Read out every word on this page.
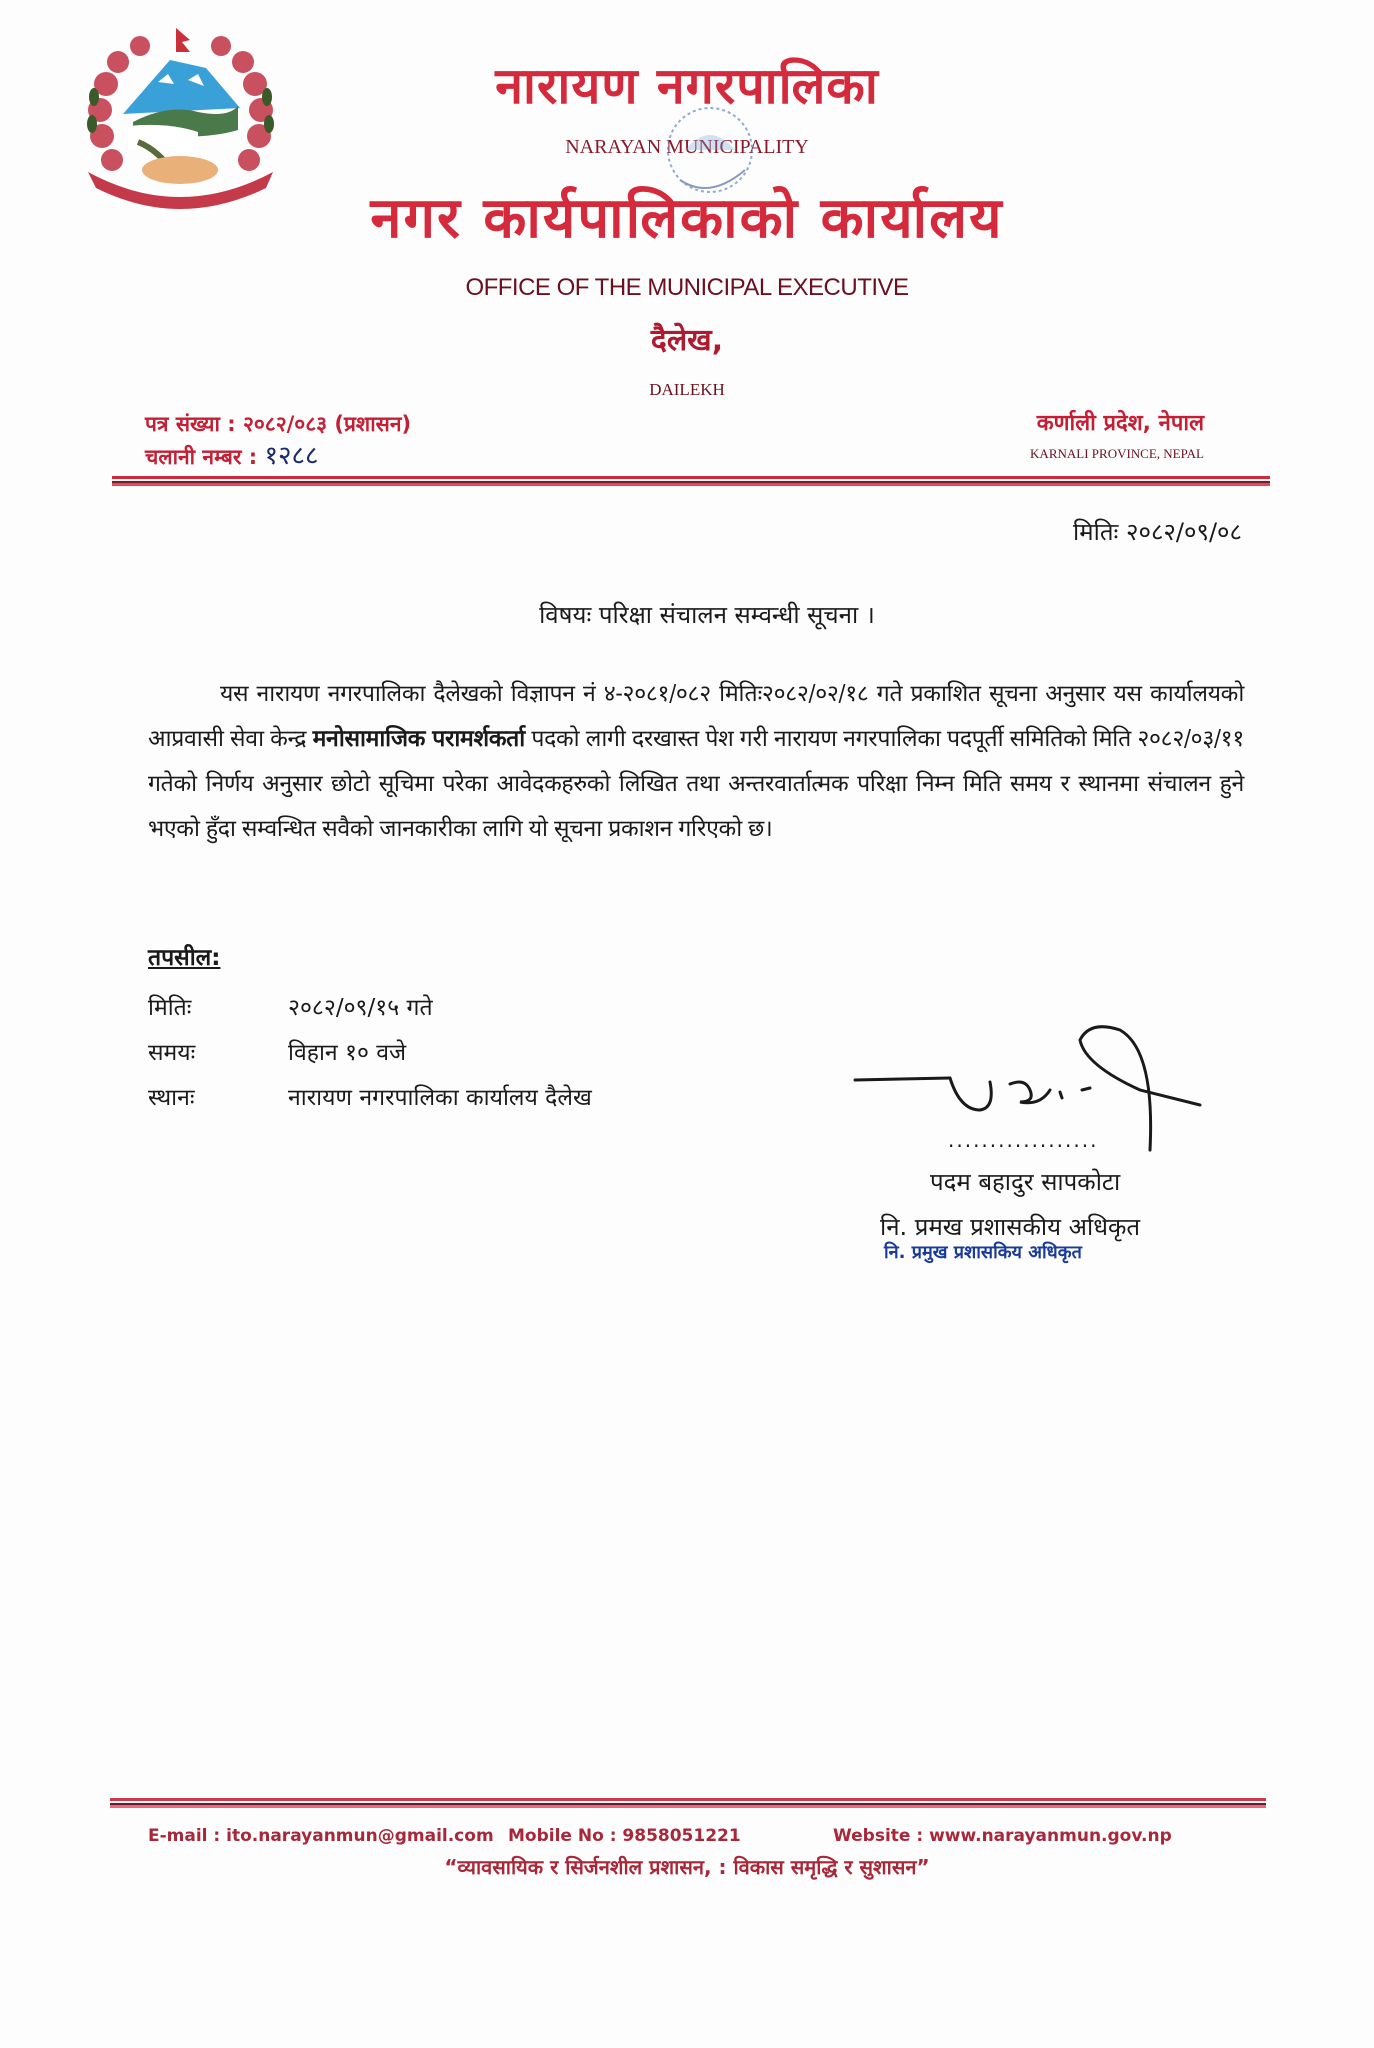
नारायण नगरपालिका
NARAYAN MUNICIPALITY
नगर कार्यपालिकाको कार्यालय
OFFICE OF THE MUNICIPAL EXECUTIVE
दैलेख,
DAILEKH
पत्र संख्या : २०८२/०८३ (प्रशासन)
चलानी नम्बर : १२८८
कर्णाली प्रदेश, नेपाल
KARNALI PROVINCE, NEPAL
मितिः २०८२/०९/०८
विषयः परिक्षा संचालन सम्वन्धी सूचना ।
यस नारायण नगरपालिका दैलेखको विज्ञापन नं ४-२०८१/०८२ मितिः२०८२/०२/१८ गते प्रकाशित सूचना अनुसार यस कार्यालयको आप्रवासी सेवा केन्द्र मनोसामाजिक परामर्शकर्ता पदको लागी दरखास्त पेश गरी नारायण नगरपालिका पदपूर्ती समितिको मिति २०८२/०३/११ गतेको निर्णय अनुसार छोटो सूचिमा परेका आवेदकहरुको लिखित तथा अन्तरवार्तात्मक परिक्षा निम्न मिति समय र स्थानमा संचालन हुने भएको हुँदा सम्वन्धित सवैको जानकारीका लागि यो सूचना प्रकाशन गरिएको छ।
तपसील:
मितिः	२०८२/०९/१५ गते
समयः	विहान १० वजे
स्थानः	नारायण नगरपालिका कार्यालय दैलेख
..................
पदम बहादुर सापकोटा
नि. प्रमख प्रशासकीय अधिकृत
नि. प्रमुख प्रशासकिय अधिकृत
E-mail : ito.narayanmun@gmail.com Mobile No : 9858051221	Website : www.narayanmun.gov.np
“व्यावसायिक र सिर्जनशील प्रशासन, : विकास समृद्धि र सुशासन”
